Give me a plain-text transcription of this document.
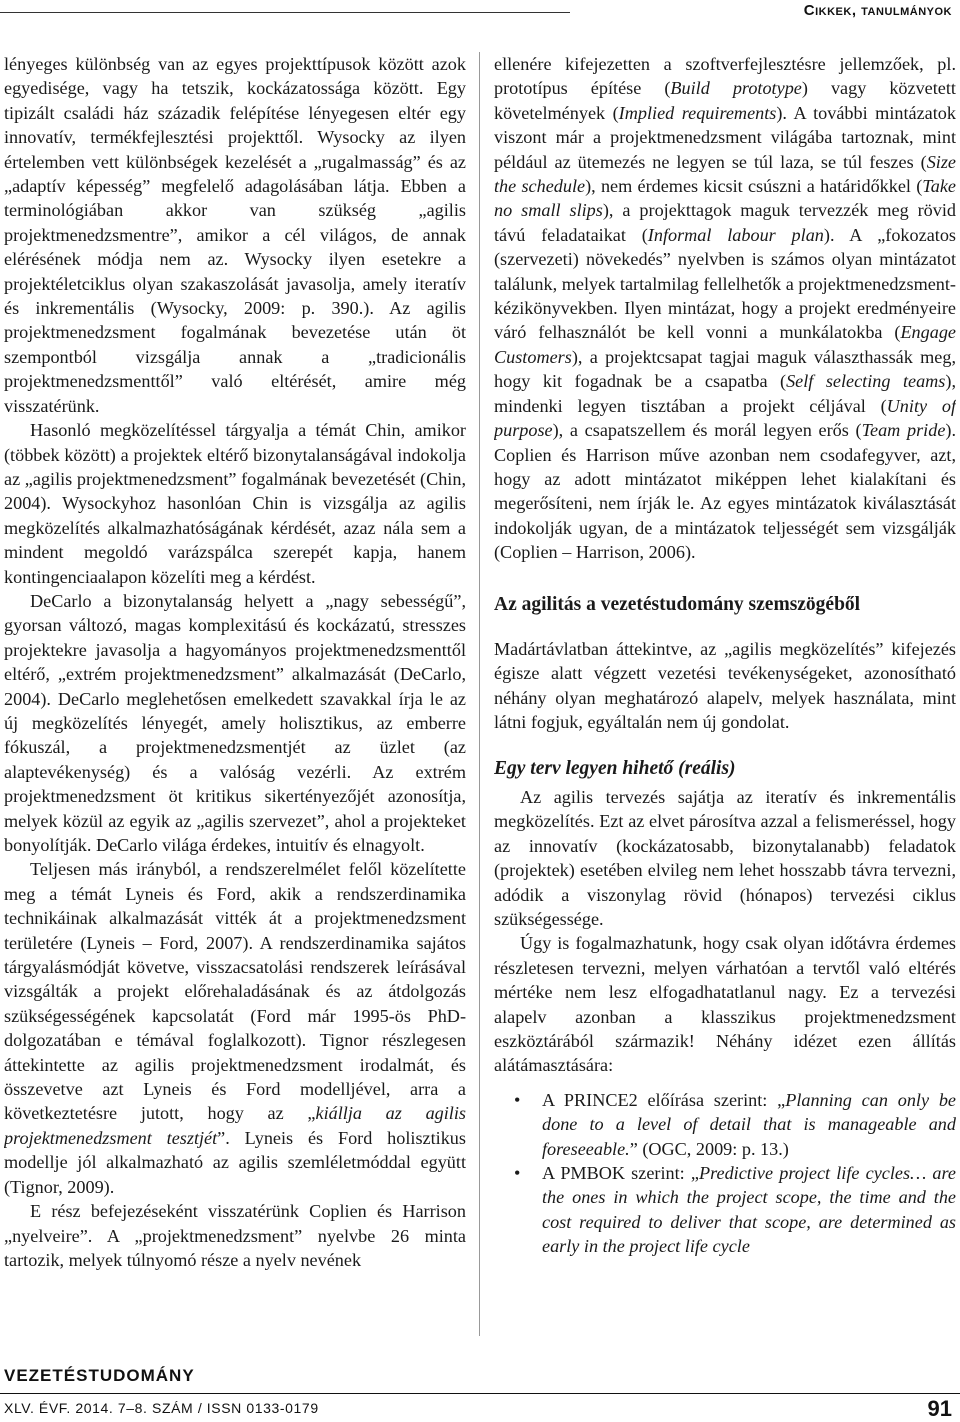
Cikkek, tanulmányok

lényeges különbség van az egyes projekttípusok között azok egyedisége, vagy ha tetszik, kockázatossága között. Egy tipizált családi ház századik felépítése lényegesen eltér egy innovatív, termékfejlesztési projekttől. Wysocky az ilyen értelemben vett különbségek kezelését a „rugalmasság” és az „adaptív képesség” megfelelő adagolásában látja. Ebben a terminológiában akkor van szükség „agilis projektmenedzsmentre”, amikor a cél világos, de annak elérésének módja nem az. Wysocky ilyen esetekre a projektéletciklus olyan szakaszolását javasolja, amely iteratív és inkrementális (Wysocky, 2009: p. 390.). Az agilis projektmenedzsment fogalmának bevezetése után öt szempontból vizsgálja annak a „tradicionális projektmenedzsmenttől” való eltérését, amire még visszatérünk.

Hasonló megközelítéssel tárgyalja a témát Chin, amikor (többek között) a projektek eltérő bizonytalanságával indokolja az „agilis projektmenedzsment” fogalmának bevezetését (Chin, 2004). Wysockyhoz hasonlóan Chin is vizsgálja az agilis megközelítés alkalmazhatóságának kérdését, azaz nála sem a mindent megoldó varázspálca szerepét kapja, hanem kontingenciaalapon közelíti meg a kérdést.

DeCarlo a bizonytalanság helyett a „nagy sebességű”, gyorsan változó, magas komplexitású és kockázatú, stresszes projektekre javasolja a hagyományos projektmenedzsmenttől eltérő, „extrém projektmenedzsment” alkalmazását (DeCarlo, 2004). DeCarlo meglehetősen emelkedett szavakkal írja le az új megközelítés lényegét, amely holisztikus, az emberre fókuszál, a projektmenedzsmentjét az üzlet (az alaptevékenység) és a valóság vezérli. Az extrém projektmenedzsment öt kritikus sikertényezőjét azonosítja, melyek közül az egyik az „agilis szervezet”, ahol a projekteket bonyolítják. DeCarlo világa érdekes, intuitív és elnagyolt.

Teljesen más irányból, a rendszerelmélet felől közelítette meg a témát Lyneis és Ford, akik a rendszerdinamika technikáinak alkalmazását vitték át a projektmenedzsment területére (Lyneis – Ford, 2007). A rendszerdinamika sajátos tárgyalásmódját követve, visszacsatolási rendszerek leírásával vizsgálták a projekt előrehaladásának és az átdolgozás szükségességének kapcsolatát (Ford már 1995-ös PhD-dolgozatában e témával foglalkozott). Tignor részlegesen áttekintette az agilis projektmenedzsment irodalmát, és összevetve azt Lyneis és Ford modelljével, arra a következtetésre jutott, hogy az „kiállja az agilis projektmenedzsment tesztjét”. Lyneis és Ford holisztikus modellje jól alkalmazható az agilis szemléletmóddal együtt (Tignor, 2009).

E rész befejezéseként visszatérünk Coplien és Harrison „nyelveire”. A „projektmenedzsment” nyelvbe 26 minta tartozik, melyek túlnyomó része a nyelv nevének

ellenére kifejezetten a szoftverfejlesztésre jellemzőek, pl. prototípus építése (Build prototype) vagy közvetett követelmények (Implied requirements). A további mintázatok viszont már a projektmenedzsment világába tartoznak, mint például az ütemezés ne legyen se túl laza, se túl feszes (Size the schedule), nem érdemes kicsit csúszni a határidőkkel (Take no small slips), a projekttagok maguk tervezzék meg rövid távú feladataikat (Informal labour plan). A „fokozatos (szervezeti) növekedés” nyelvben is számos olyan mintázatot találunk, melyek tartalmilag fellelhetők a projektmenedzsment-kézikönyvekben. Ilyen mintázat, hogy a projekt eredményeire váró felhasználót be kell vonni a munkálatokba (Engage Customers), a projektcsapat tagjai maguk választhassák meg, hogy kit fogadnak be a csapatba (Self selecting teams), mindenki legyen tisztában a projekt céljával (Unity of purpose), a csapatszellem és morál legyen erős (Team pride). Coplien és Harrison műve azonban nem csodafegyver, azt, hogy az adott mintázatot miképpen lehet kialakítani és megerősíteni, nem írják le. Az egyes mintázatok kiválasztását indokolják ugyan, de a mintázatok teljességét sem vizsgálják (Coplien – Harrison, 2006).

Az agilitás a vezetéstudomány szemszögéből

Madártávlatban áttekintve, az „agilis megközelítés” kifejezés égisze alatt végzett vezetési tevékenységeket, azonosítható néhány olyan meghatározó alapelv, melyek használata, mint látni fogjuk, egyáltalán nem új gondolat.

Egy terv legyen hihető (reális)

Az agilis tervezés sajátja az iteratív és inkrementális megközelítés. Ezt az elvet párosítva azzal a felismeréssel, hogy az innovatív (kockázatosabb, bizonytalanabb) feladatok (projektek) esetében elvileg nem lehet hosszabb távra tervezni, adódik a viszonylag rövid (hónapos) tervezési ciklus szükségessége.

Úgy is fogalmazhatunk, hogy csak olyan időtávra érdemes részletesen tervezni, melyen várhatóan a tervtől való eltérés mértéke nem lesz elfogadhatatlanul nagy. Ez a tervezési alapelv azonban a klasszikus projektmenedzsment eszköztárából származik! Néhány idézet ezen állítás alátámasztására:

• A PRINCE2 előírása szerint: „Planning can only be done to a level of detail that is manageable and foreseeable.” (OGC, 2009: p. 13.)
• A PMBOK szerint: „Predictive project life cycles… are the ones in which the project scope, the time and the cost required to deliver that scope, are determined as early in the project life cycle
VEZETÉSTUDOMÁNY
XLV. ÉVF. 2014. 7–8. SZÁM / ISSN 0133-0179	91
